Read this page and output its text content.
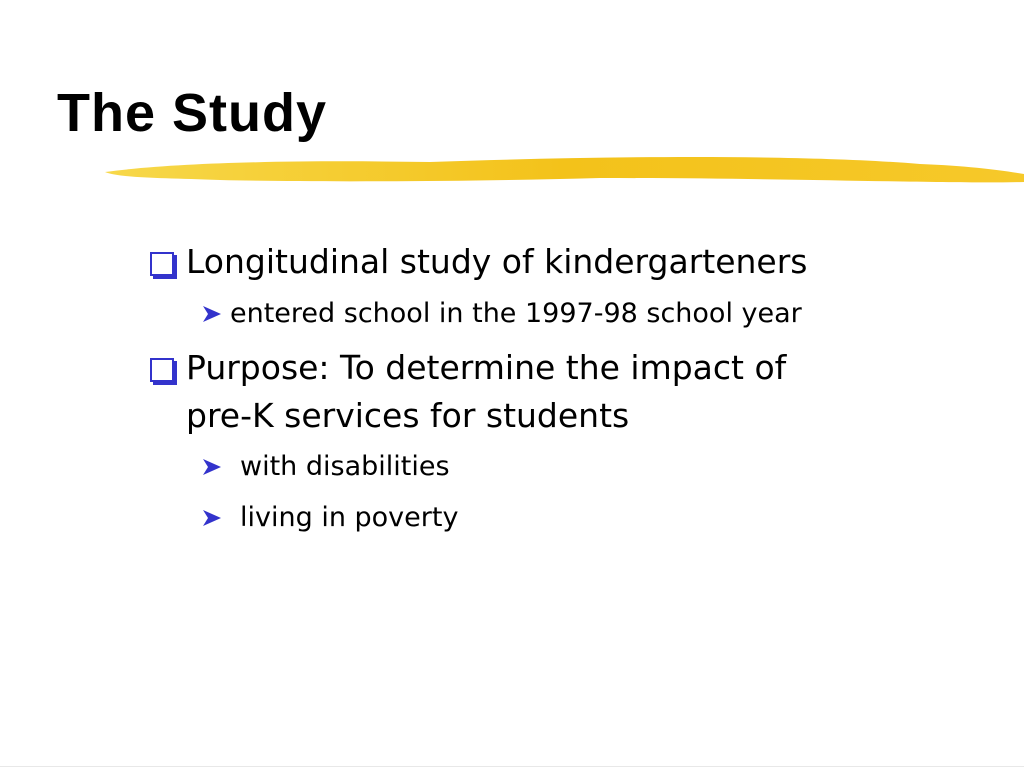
The Study
Longitudinal study of kindergarteners
entered school in the 1997-98 school year
Purpose: To determine the impact of
pre-K services for students
with disabilities
living in poverty
